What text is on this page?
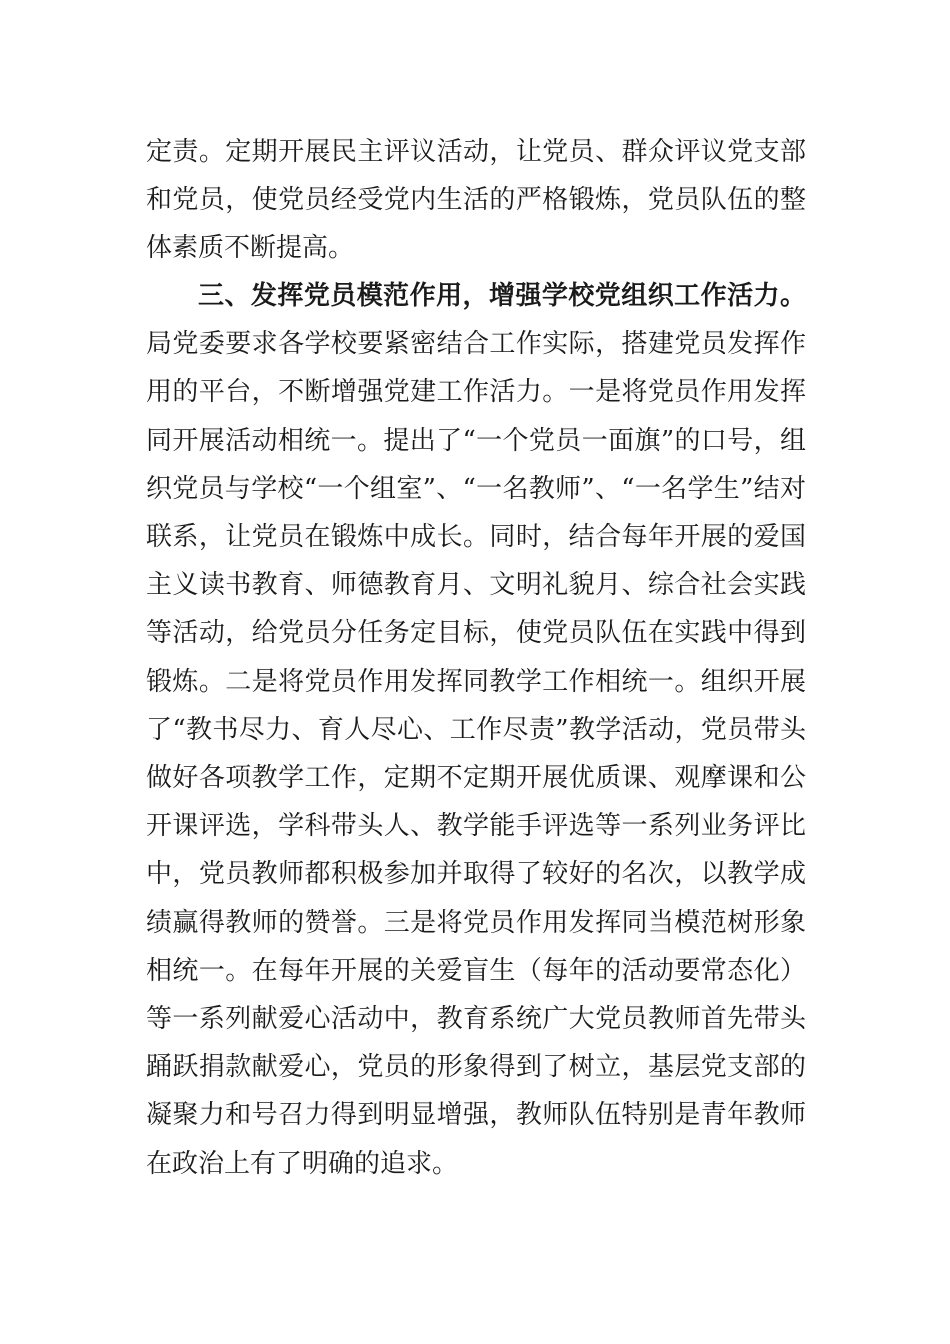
定责。定期开展民主评议活动，让党员、群众评议党支部和党员，使党员经受党内生活的严格锻炼，党员队伍的整体素质不断提高。

三、发挥党员模范作用，增强学校党组织工作活力。局党委要求各学校要紧密结合工作实际，搭建党员发挥作用的平台，不断增强党建工作活力。一是将党员作用发挥同开展活动相统一。提出了“一个党员一面旗”的口号，组织党员与学校“一个组室”、“一名教师”、“一名学生”结对联系，让党员在锻炼中成长。同时，结合每年开展的爱国主义读书教育、师德教育月、文明礼貌月、综合社会实践等活动，给党员分任务定目标，使党员队伍在实践中得到锻炼。二是将党员作用发挥同教学工作相统一。组织开展了“教书尽力、育人尽心、工作尽责”教学活动，党员带头做好各项教学工作，定期不定期开展优质课、观摩课和公开课评选，学科带头人、教学能手评选等一系列业务评比中，党员教师都积极参加并取得了较好的名次，以教学成绩赢得教师的赞誉。三是将党员作用发挥同当模范树形象相统一。在每年开展的关爱盲生（每年的活动要常态化）等一系列献爱心活动中，教育系统广大党员教师首先带头踊跃捐款献爱心，党员的形象得到了树立，基层党支部的凝聚力和号召力得到明显增强，教师队伍特别是青年教师在政治上有了明确的追求。
